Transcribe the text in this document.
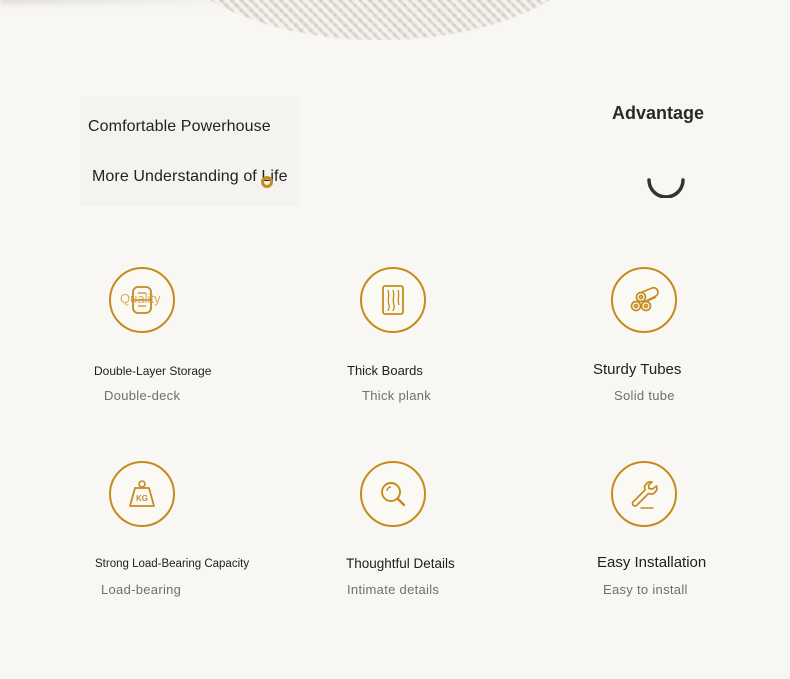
Comfortable Powerhouse
More Understanding of Life
Advantage
Quality
Double-Layer Storage
Double-deck
Thick Boards
Thick plank
Sturdy Tubes
Solid tube
KG
Strong Load-Bearing Capacity
Load-bearing
Thoughtful Details
Intimate details
Easy Installation
Easy to install
